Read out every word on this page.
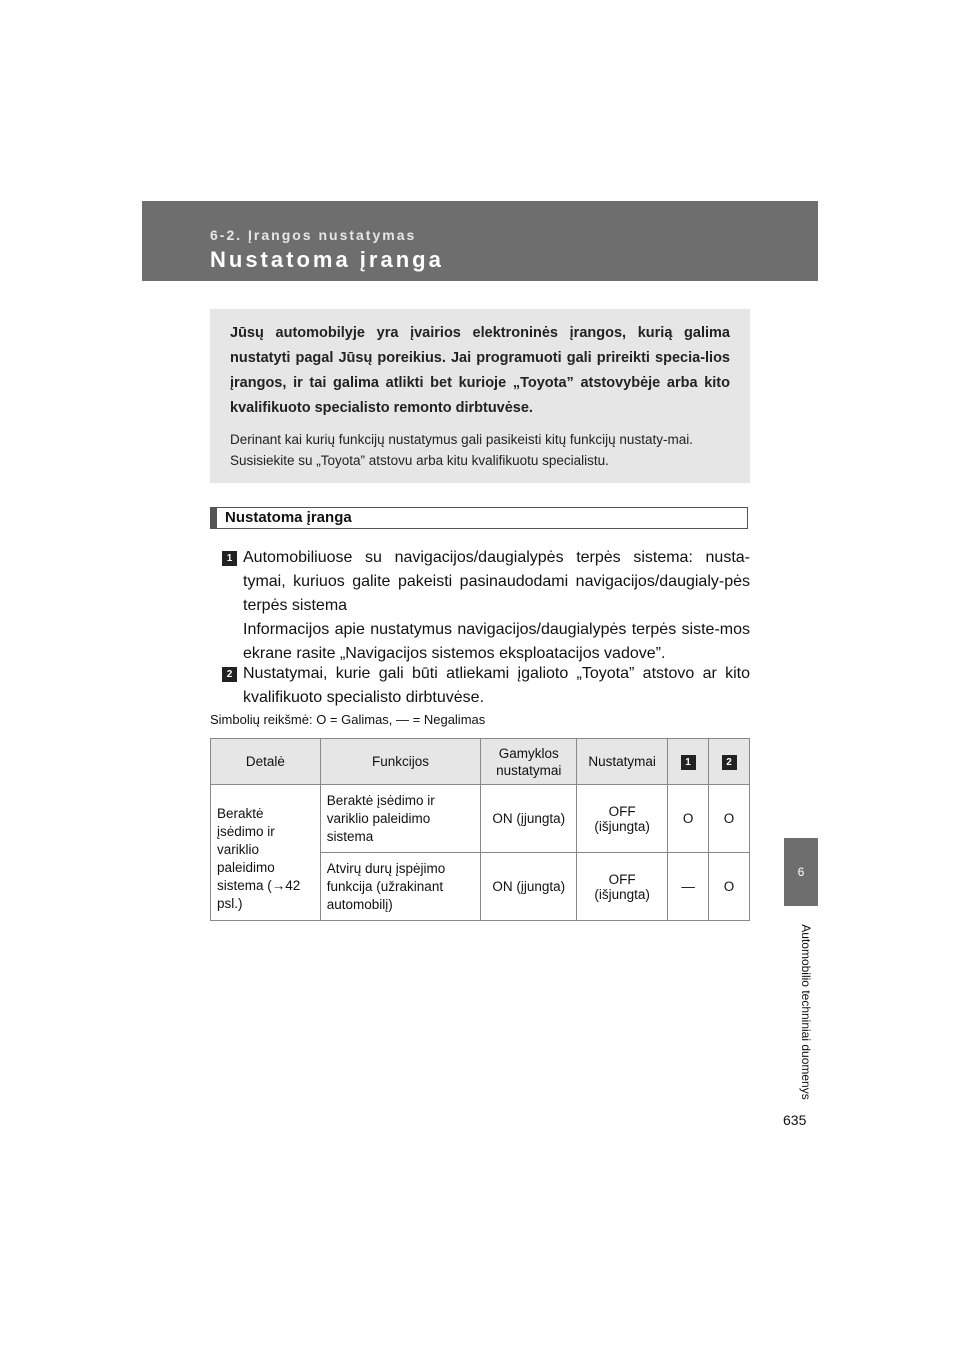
6-2. Įrangos nustatymas
Nustatoma įranga
Jūsų automobilyje yra įvairios elektroninės įrangos, kurią galima nustatyti pagal Jūsų poreikius. Jai programuoti gali prireikti specia-lios įrangos, ir tai galima atlikti bet kurioje „Toyota” atstovybėje arba kito kvalifikuoto specialisto remonto dirbtuvėse.
Derinant kai kurių funkcijų nustatymus gali pasikeisti kitų funkcijų nustaty-mai. Susisiekite su „Toyota” atstovu arba kitu kvalifikuotu specialistu.
Nustatoma įranga
1 Automobiliuose su navigacijos/daugialypės terpės sistema: nusta-tymai, kuriuos galite pakeisti pasinaudodami navigacijos/daugialy-pės terpės sistema
Informacijos apie nustatymus navigacijos/daugialypės terpės siste-mos ekrane rasite „Navigacijos sistemos eksploatacijos vadove”.
2 Nustatymai, kurie gali būti atliekami įgalioto „Toyota” atstovo ar kito kvalifikuoto specialisto dirbtuvėse.
Simbolių reikšmė: O = Galimas, — = Negalimas
Detalė	Funkcijos	Gamyklos nustatymai	Nustatymai	1	2
Beraktė įsėdimo ir variklio paleidimo sistema (→42 psl.)	Beraktė įsėdimo ir variklio paleidimo sistema	ON (įjungta)	OFF (išjungta)	O	O
	Atvirų durų įspėjimo funkcija (užrakinant automobilį)	ON (įjungta)	OFF (išjungta)	—	O
6
Automobilio techniniai duomenys
635
